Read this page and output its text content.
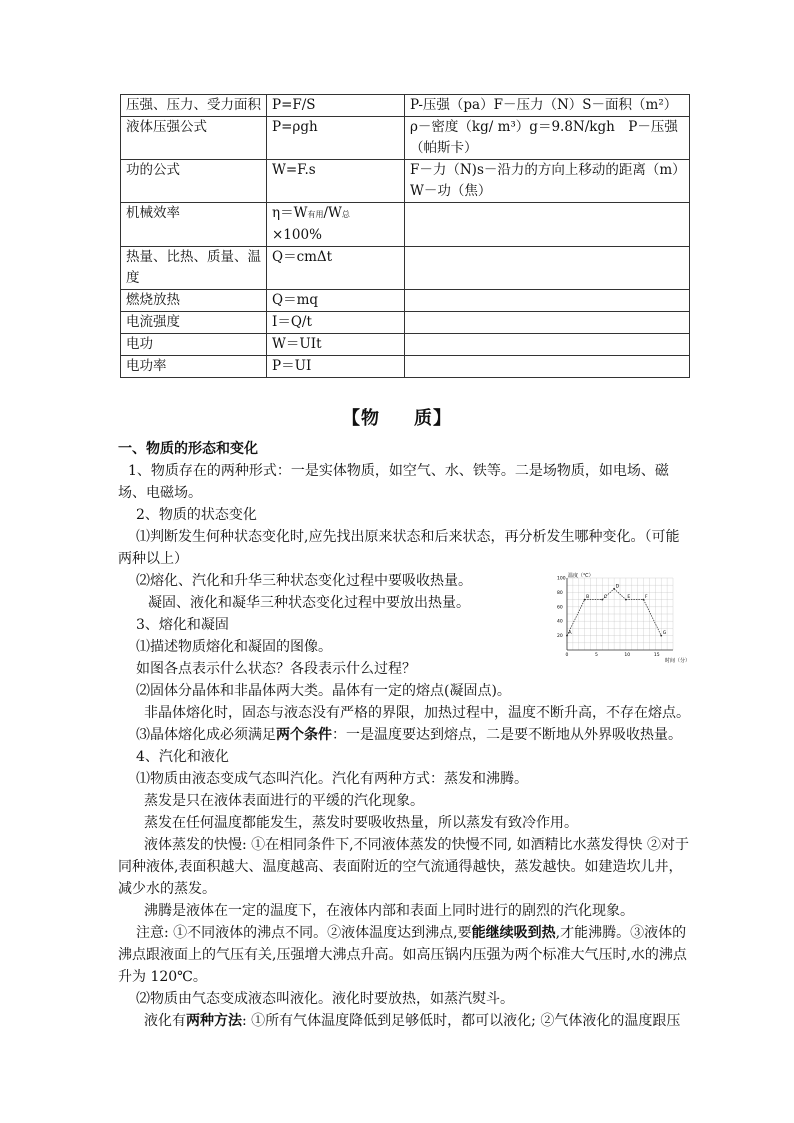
压强、压力、受力面积	P=F/S	P-压强（pa）F－压力（N）S－面积（m²）
液体压强公式	P=ρgh	ρ－密度（kg/ m³）g＝9.8N/kgh　P－压强（帕斯卡）
功的公式	W=F.s	F－力（N)s－沿力的方向上移动的距离（m）
W－功（焦）

机械效率	η＝W有用/W总×100%	
热量、比热、质量、温度	Q＝cmΔt	
燃烧放热	Q＝mq	
电流强度	I＝Q/t	
电功	W＝UIt	
电功率	P＝UI	
【物 质】

一、物质的形态和变化

1、物质存在的两种形式：一是实体物质，如空气、水、铁等。二是场物质，如电场、磁场、电磁场。

2、物质的状态变化

⑴判断发生何种状态变化时,应先找出原来状态和后来状态，再分析发生哪种变化。（可能两种以上）

⑵熔化、汽化和升华三种状态变化过程中要吸收热量。

凝固、液化和凝华三种状态变化过程中要放出热量。

3、熔化和凝固

⑴描述物质熔化和凝固的图像。

如图各点表示什么状态？各段表示什么过程？

⑵固体分晶体和非晶体两大类。晶体有一定的熔点(凝固点)。

非晶体熔化时，固态与液态没有严格的界限，加热过程中，温度不断升高，不存在熔点。

⑶晶体熔化成必须满足两个条件：一是温度要达到熔点，二是要不断地从外界吸收热量。

4、汽化和液化

⑴物质由液态变成气态叫汽化。汽化有两种方式：蒸发和沸腾。

蒸发是只在液体表面进行的平缓的汽化现象。

蒸发在任何温度都能发生，蒸发时要吸收热量，所以蒸发有致冷作用。

液体蒸发的快慢: ①在相同条件下,不同液体蒸发的快慢不同, 如酒精比水蒸发得快 ②对于同种液体,表面积越大、温度越高、表面附近的空气流通得越快，蒸发越快。如建造坎儿井，减少水的蒸发。

沸腾是液体在一定的温度下，在液体内部和表面上同时进行的剧烈的汽化现象。

注意: ①不同液体的沸点不同。②液体温度达到沸点,要能继续吸到热,才能沸腾。③液体的沸点跟液面上的气压有关,压强增大沸点升高。如高压锅内压强为两个标准大气压时,水的沸点升为 120℃。

⑵物质由气态变成液态叫液化。液化时要放热，如蒸汽熨斗。

液化有两种方法: ①所有气体温度降低到足够低时，都可以液化; ②气体液化的温度跟压

温度（℃）
时间（分）
0	5	10	15
20
40
60
80
100
A
B	C
D
E	F
G
